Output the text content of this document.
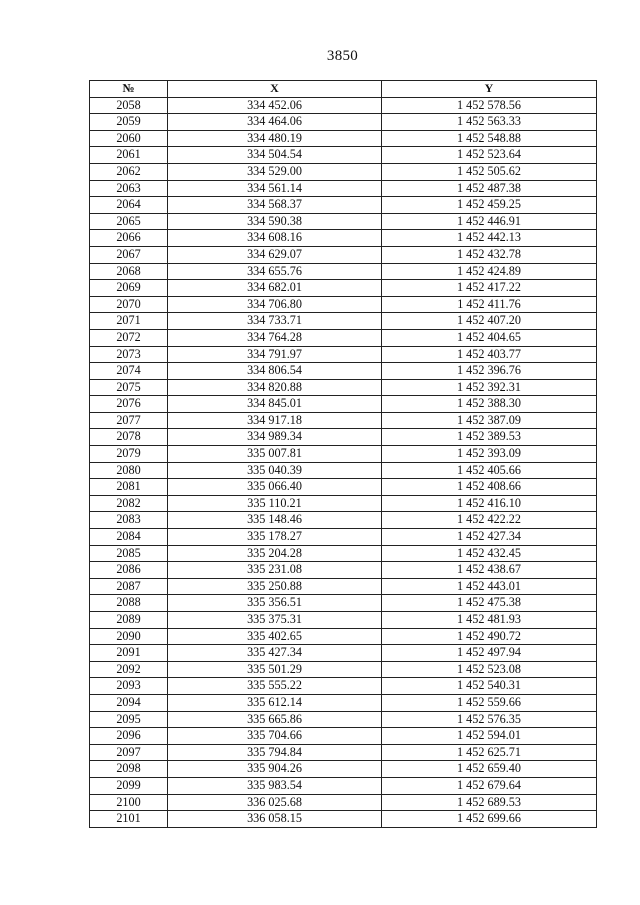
3850
№	X	Y
2058	334 452.06	1 452 578.56
2059	334 464.06	1 452 563.33
2060	334 480.19	1 452 548.88
2061	334 504.54	1 452 523.64
2062	334 529.00	1 452 505.62
2063	334 561.14	1 452 487.38
2064	334 568.37	1 452 459.25
2065	334 590.38	1 452 446.91
2066	334 608.16	1 452 442.13
2067	334 629.07	1 452 432.78
2068	334 655.76	1 452 424.89
2069	334 682.01	1 452 417.22
2070	334 706.80	1 452 411.76
2071	334 733.71	1 452 407.20
2072	334 764.28	1 452 404.65
2073	334 791.97	1 452 403.77
2074	334 806.54	1 452 396.76
2075	334 820.88	1 452 392.31
2076	334 845.01	1 452 388.30
2077	334 917.18	1 452 387.09
2078	334 989.34	1 452 389.53
2079	335 007.81	1 452 393.09
2080	335 040.39	1 452 405.66
2081	335 066.40	1 452 408.66
2082	335 110.21	1 452 416.10
2083	335 148.46	1 452 422.22
2084	335 178.27	1 452 427.34
2085	335 204.28	1 452 432.45
2086	335 231.08	1 452 438.67
2087	335 250.88	1 452 443.01
2088	335 356.51	1 452 475.38
2089	335 375.31	1 452 481.93
2090	335 402.65	1 452 490.72
2091	335 427.34	1 452 497.94
2092	335 501.29	1 452 523.08
2093	335 555.22	1 452 540.31
2094	335 612.14	1 452 559.66
2095	335 665.86	1 452 576.35
2096	335 704.66	1 452 594.01
2097	335 794.84	1 452 625.71
2098	335 904.26	1 452 659.40
2099	335 983.54	1 452 679.64
2100	336 025.68	1 452 689.53
2101	336 058.15	1 452 699.66
